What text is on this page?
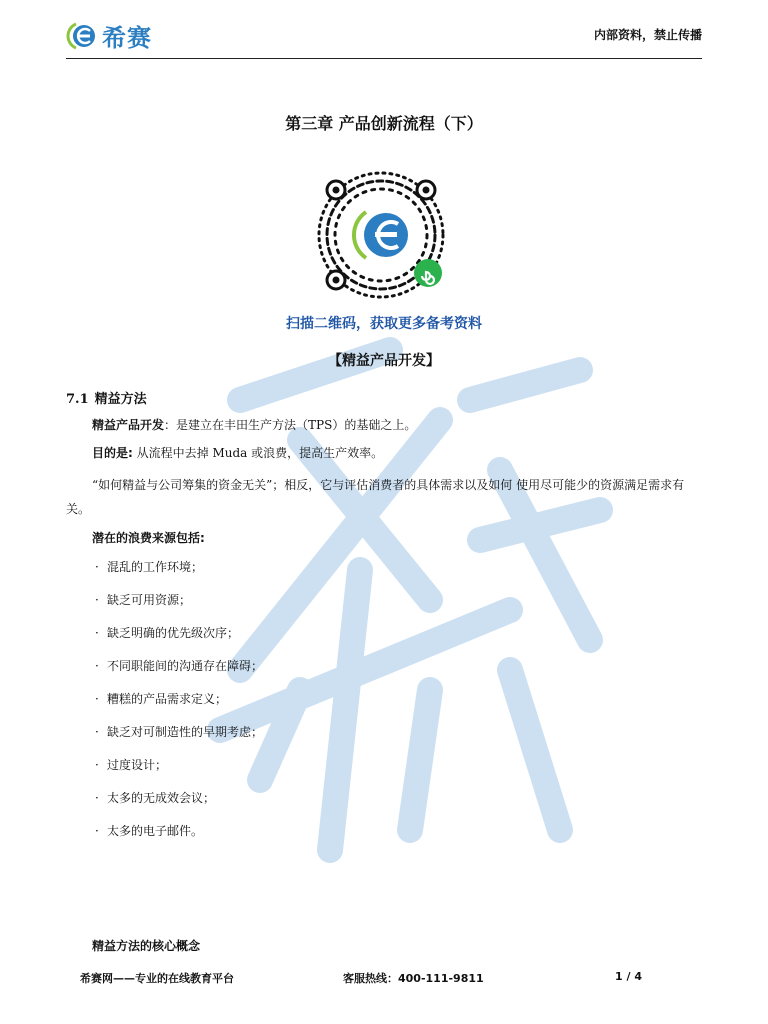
希赛	内部资料，禁止传播
第三章 产品创新流程（下）
扫描二维码，获取更多备考资料
【精益产品开发】
7.1 精益方法
精益产品开发：是建立在丰田生产方法（TPS）的基础之上。
目的是: 从流程中去掉 Muda 或浪费，提高生产效率。
“如何精益与公司筹集的资金无关”；相反，它与评估消费者的具体需求以及如何 使用尽可能少的资源满足需求有关。
潜在的浪费来源包括:
· 混乱的工作环境；
· 缺乏可用资源；
· 缺乏明确的优先级次序；
· 不同职能间的沟通存在障碍；
· 糟糕的产品需求定义；
· 缺乏对可制造性的早期考虑；
· 过度设计；
· 太多的无成效会议；
· 太多的电子邮件。
精益方法的核心概念
希赛网——专业的在线教育平台	客服热线：400-111-9811	1 / 4
